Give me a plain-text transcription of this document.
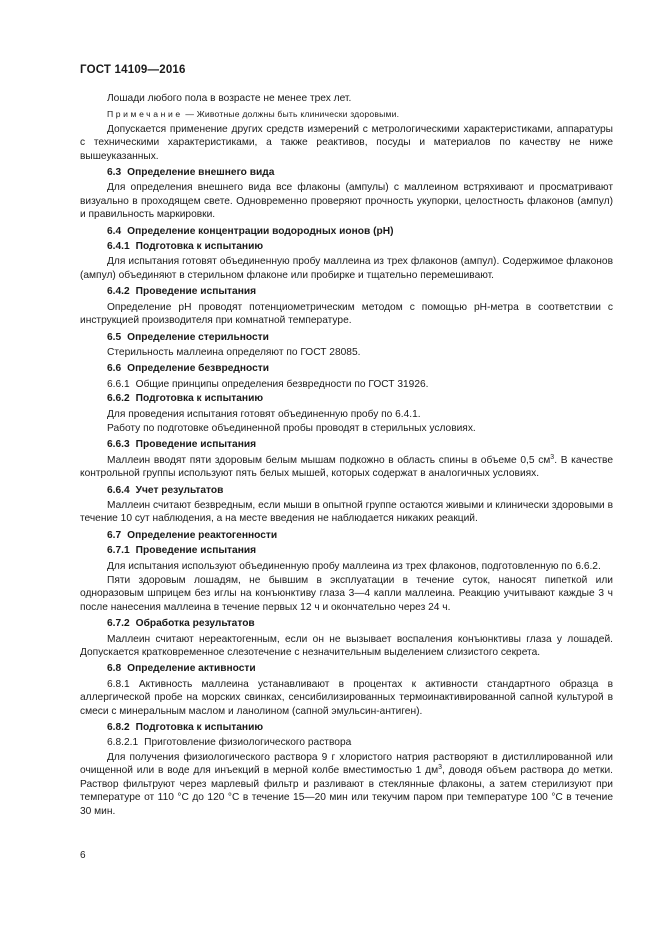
ГОСТ 14109—2016

Лошади любого пола в возрасте не менее трех лет.

Примечание — Животные должны быть клинически здоровыми.

Допускается применение других средств измерений с метрологическими характеристиками, аппаратуры с техническими характеристиками, а также реактивов, посуды и материалов по качеству не ниже вышеуказанных.

6.3 Определение внешнего вида

Для определения внешнего вида все флаконы (ампулы) с маллеином встряхивают и просматривают визуально в проходящем свете. Одновременно проверяют прочность укупорки, целостность флаконов (ампул) и правильность маркировки.

6.4 Определение концентрации водородных ионов (pH)

6.4.1 Подготовка к испытанию

Для испытания готовят объединенную пробу маллеина из трех флаконов (ампул). Содержимое флаконов (ампул) объединяют в стерильном флаконе или пробирке и тщательно перемешивают.

6.4.2 Проведение испытания

Определение pH проводят потенциометрическим методом с помощью pH-метра в соответствии с инструкцией производителя при комнатной температуре.

6.5 Определение стерильности

Стерильность маллеина определяют по ГОСТ 28085.

6.6 Определение безвредности

6.6.1 Общие принципы определения безвредности по ГОСТ 31926.

6.6.2 Подготовка к испытанию

Для проведения испытания готовят объединенную пробу по 6.4.1.

Работу по подготовке объединенной пробы проводят в стерильных условиях.

6.6.3 Проведение испытания

Маллеин вводят пяти здоровым белым мышам подкожно в область спины в объеме 0,5 $см^3$. В качестве контрольной группы используют пять белых мышей, которых содержат в аналогичных условиях.

6.6.4 Учет результатов

Маллеин считают безвредным, если мыши в опытной группе остаются живыми и клинически здоровыми в течение 10 сут наблюдения, а на месте введения не наблюдается никаких реакций.

6.7 Определение реактогенности

6.7.1 Проведение испытания

Для испытания используют объединенную пробу маллеина из трех флаконов, подготовленную по 6.6.2.

Пяти здоровым лошадям, не бывшим в эксплуатации в течение суток, наносят пипеткой или одноразовым шприцем без иглы на конъюнктиву глаза 3—4 капли маллеина. Реакцию учитывают каждые 3 ч после нанесения маллеина в течение первых 12 ч и окончательно через 24 ч.

6.7.2 Обработка результатов

Маллеин считают нереактогенным, если он не вызывает воспаления конъюнктивы глаза у лошадей. Допускается кратковременное слезотечение с незначительным выделением слизистого секрета.

6.8 Определение активности

6.8.1 Активность маллеина устанавливают в процентах к активности стандартного образца в аллергической пробе на морских свинках, сенсибилизированных термоинактивированной сапной культурой в смеси с минеральным маслом и ланолином (сапной эмульсин-антиген).

6.8.2 Подготовка к испытанию

6.8.2.1 Приготовление физиологического раствора

Для получения физиологического раствора 9 г хлористого натрия растворяют в дистиллированной или очищенной или в воде для инъекций в мерной колбе вместимостью 1 $дм^3$, доводя объем раствора до метки. Раствор фильтруют через марлевый фильтр и разливают в стеклянные флаконы, а затем стерилизуют при температуре от 110 °С до 120 °С в течение 15—20 мин или текучим паром при температуре 100 °С в течение 30 мин.

6
